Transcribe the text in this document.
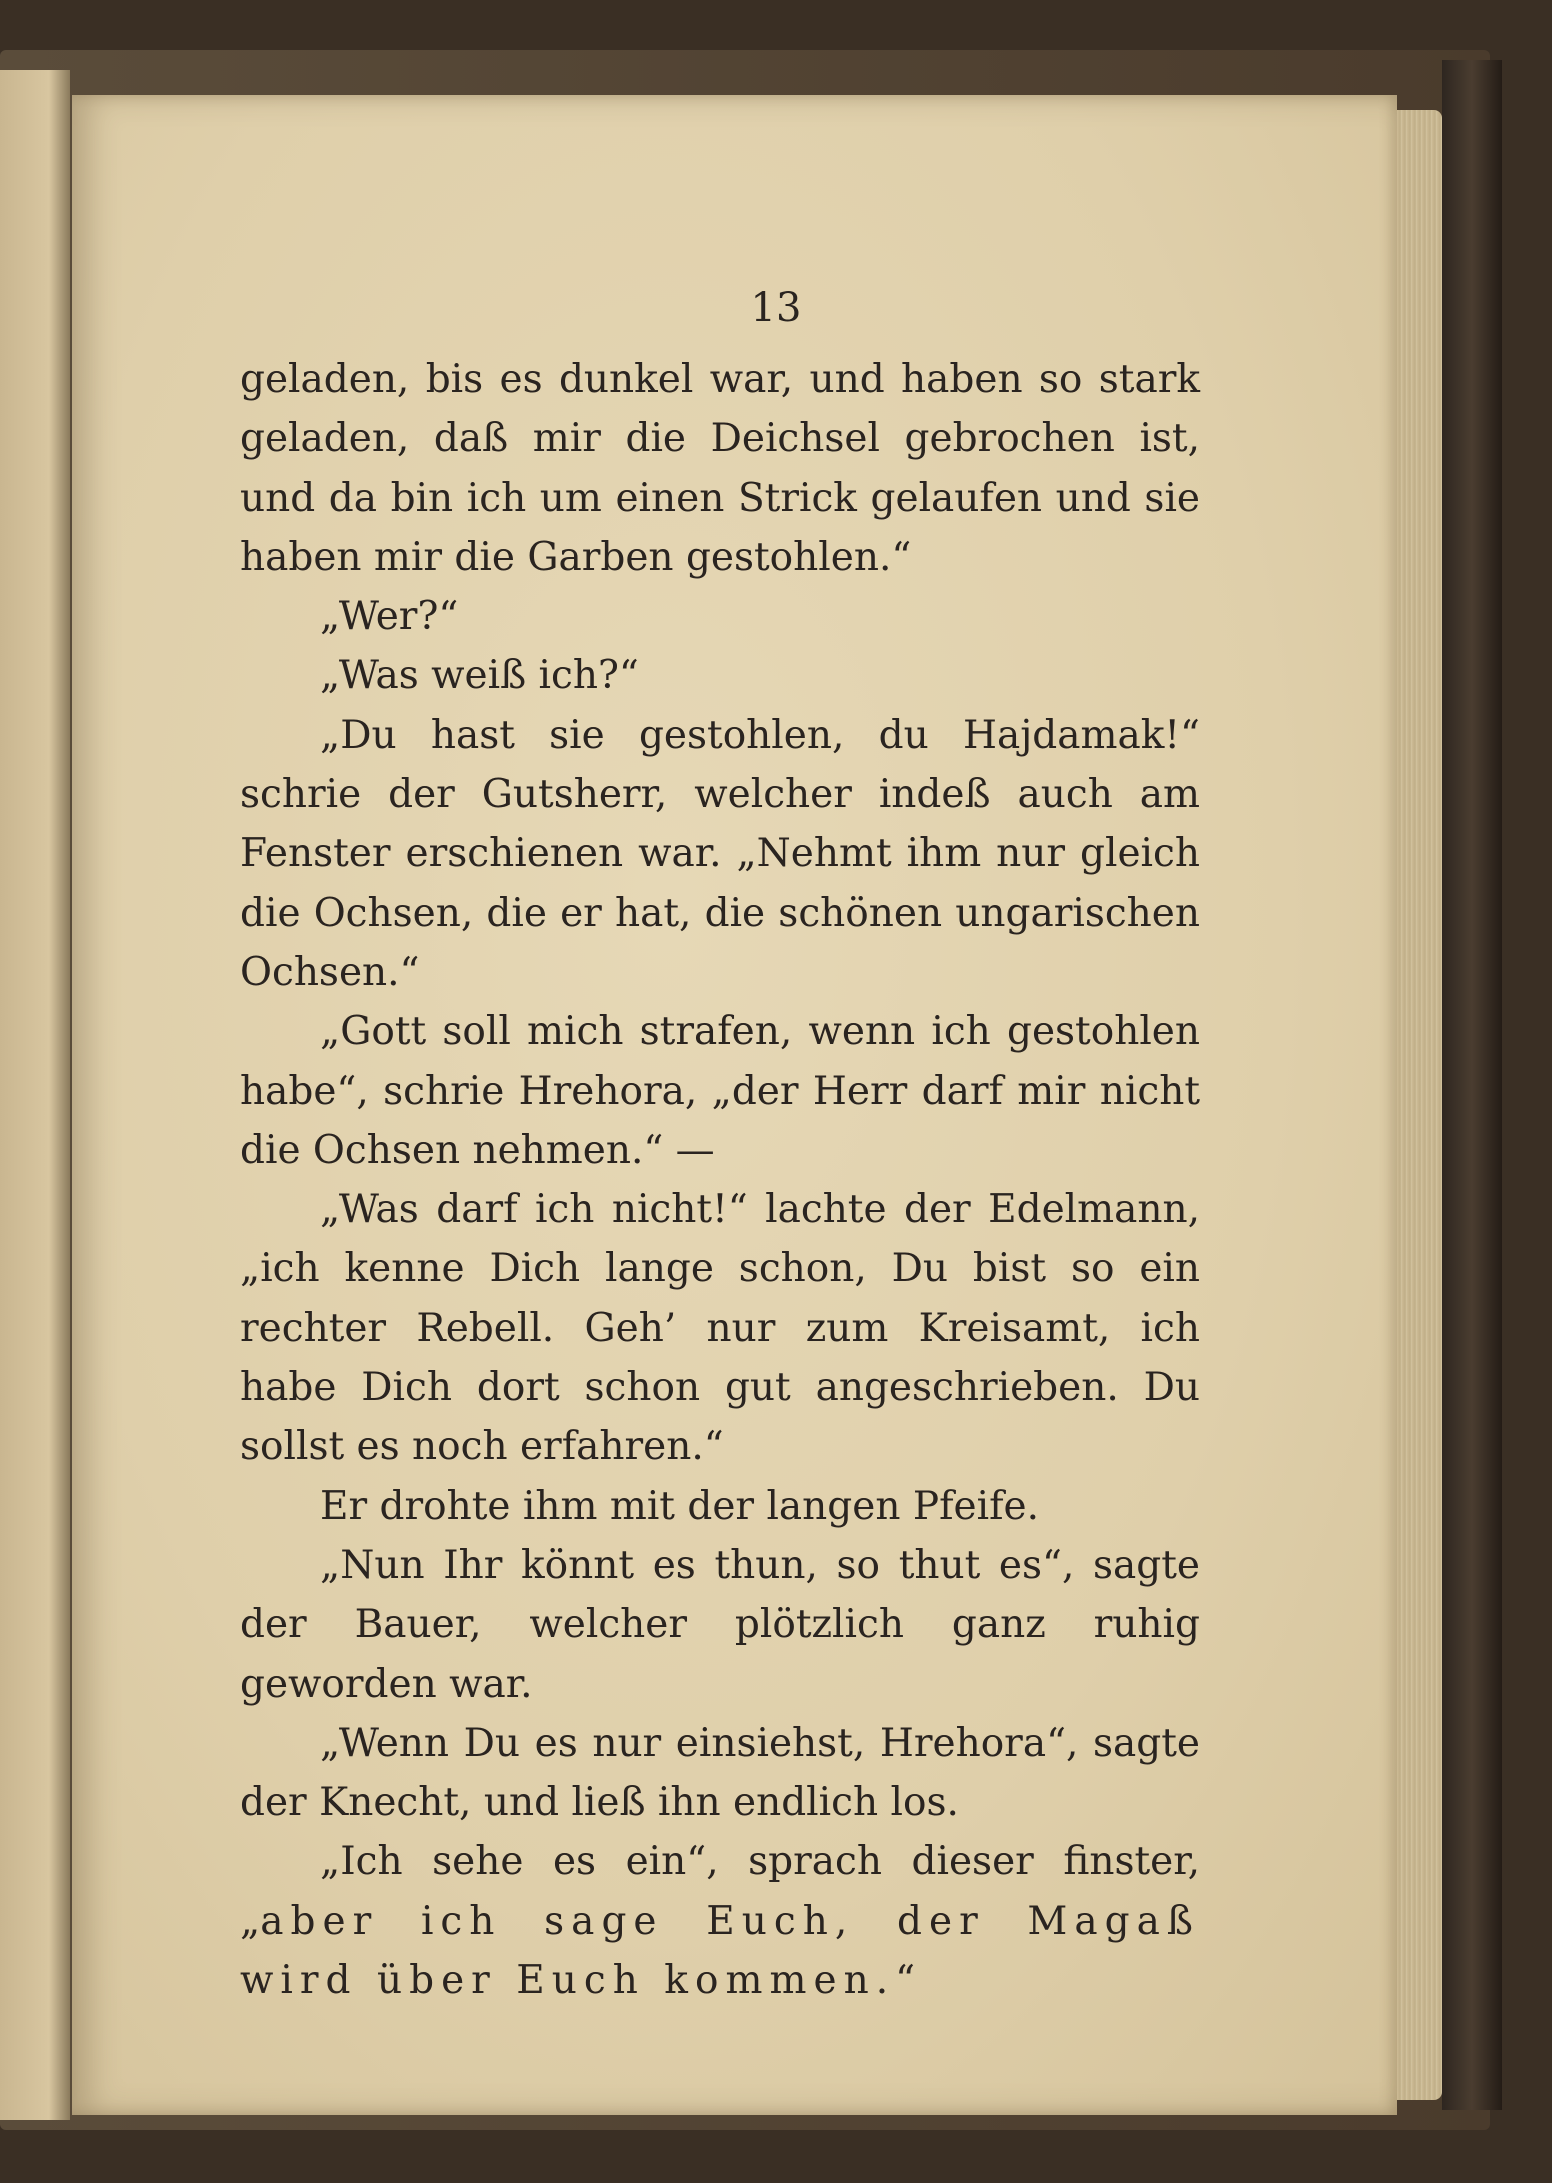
13

geladen, bis es dunkel war, und haben so stark geladen, daß mir die Deichsel gebrochen ist, und da bin ich um einen Strick gelaufen und sie haben mir die Garben gestohlen.“

„Wer?“

„Was weiß ich?“

„Du hast sie gestohlen, du Hajdamak!“ schrie der Gutsherr, welcher indeß auch am Fenster erschienen war. „Nehmt ihm nur gleich die Ochsen, die er hat, die schönen ungarischen Ochsen.“

„Gott soll mich strafen, wenn ich gestohlen habe“, schrie Hrehora, „der Herr darf mir nicht die Ochsen nehmen.“ —

„Was darf ich nicht!“ lachte der Edelmann, „ich kenne Dich lange schon, Du bist so ein rechter Rebell. Geh’ nur zum Kreisamt, ich habe Dich dort schon gut angeschrieben. Du sollst es noch erfahren.“

Er drohte ihm mit der langen Pfeife.

„Nun Ihr könnt es thun, so thut es“, sagte der Bauer, welcher plötzlich ganz ruhig geworden war.

„Wenn Du es nur einsiehst, Hrehora“, sagte der Knecht, und ließ ihn endlich los.

„Ich sehe es ein“, sprach dieser finster, „aber ich sage Euch, der Magaß wird über Euch kommen.“
